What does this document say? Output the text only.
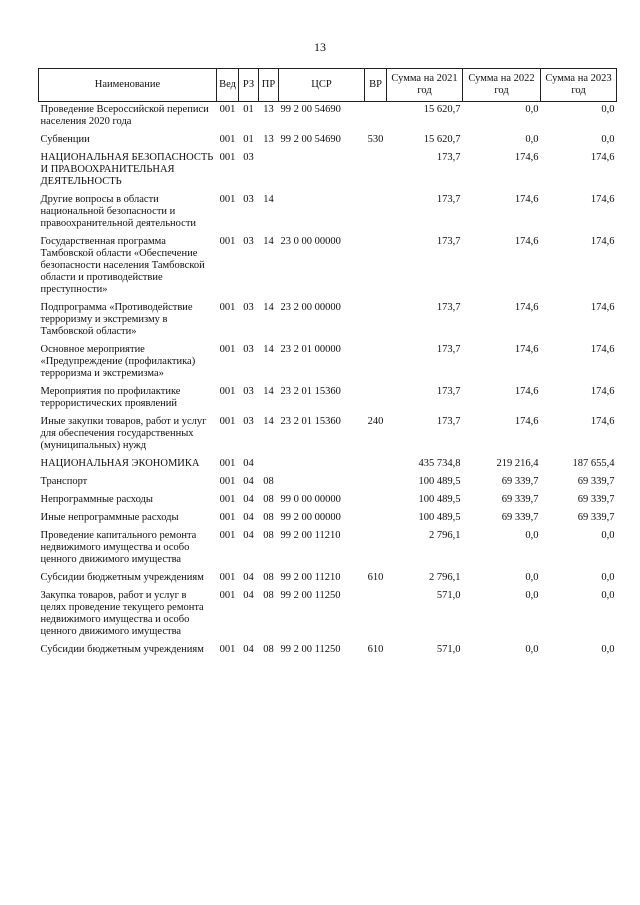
13
Наименование	Вед	РЗ	ПР	ЦСР	ВР	Сумма на 2021 год	Сумма на 2022 год	Сумма на 2023 год
Проведение Всероссийской переписи населения 2020 года	001	01	13	99 2 00 54690		15 620,7	0,0	0,0
Субвенции	001	01	13	99 2 00 54690	530	15 620,7	0,0	0,0
НАЦИОНАЛЬНАЯ БЕЗОПАСНОСТЬ И ПРАВООХРАНИТЕЛЬНАЯ ДЕЯТЕЛЬНОСТЬ	001	03				173,7	174,6	174,6
Другие вопросы в области национальной безопасности и правоохранительной деятельности	001	03	14			173,7	174,6	174,6
Государственная программа Тамбовской области «Обеспечение безопасности населения Тамбовской области и противодействие преступности»	001	03	14	23 0 00 00000		173,7	174,6	174,6
Подпрограмма «Противодействие терроризму и экстремизму в Тамбовской области»	001	03	14	23 2 00 00000		173,7	174,6	174,6
Основное мероприятие «Предупреждение (профилактика) терроризма и экстремизма»	001	03	14	23 2 01 00000		173,7	174,6	174,6
Мероприятия по профилактике террористических проявлений	001	03	14	23 2 01 15360		173,7	174,6	174,6
Иные закупки товаров, работ и услуг для обеспечения государственных (муниципальных) нужд	001	03	14	23 2 01 15360	240	173,7	174,6	174,6
НАЦИОНАЛЬНАЯ ЭКОНОМИКА	001	04				435 734,8	219 216,4	187 655,4
Транспорт	001	04	08			100 489,5	69 339,7	69 339,7
Непрограммные расходы	001	04	08	99 0 00 00000		100 489,5	69 339,7	69 339,7
Иные непрограммные расходы	001	04	08	99 2 00 00000		100 489,5	69 339,7	69 339,7
Проведение капитального ремонта недвижимого имущества и особо ценного движимого имущества	001	04	08	99 2 00 11210		2 796,1	0,0	0,0
Субсидии бюджетным учреждениям	001	04	08	99 2 00 11210	610	2 796,1	0,0	0,0
Закупка товаров, работ и услуг в целях проведение текущего ремонта недвижимого имущества и особо ценного движимого имущества	001	04	08	99 2 00 11250		571,0	0,0	0,0
Субсидии бюджетным учреждениям	001	04	08	99 2 00 11250	610	571,0	0,0	0,0
